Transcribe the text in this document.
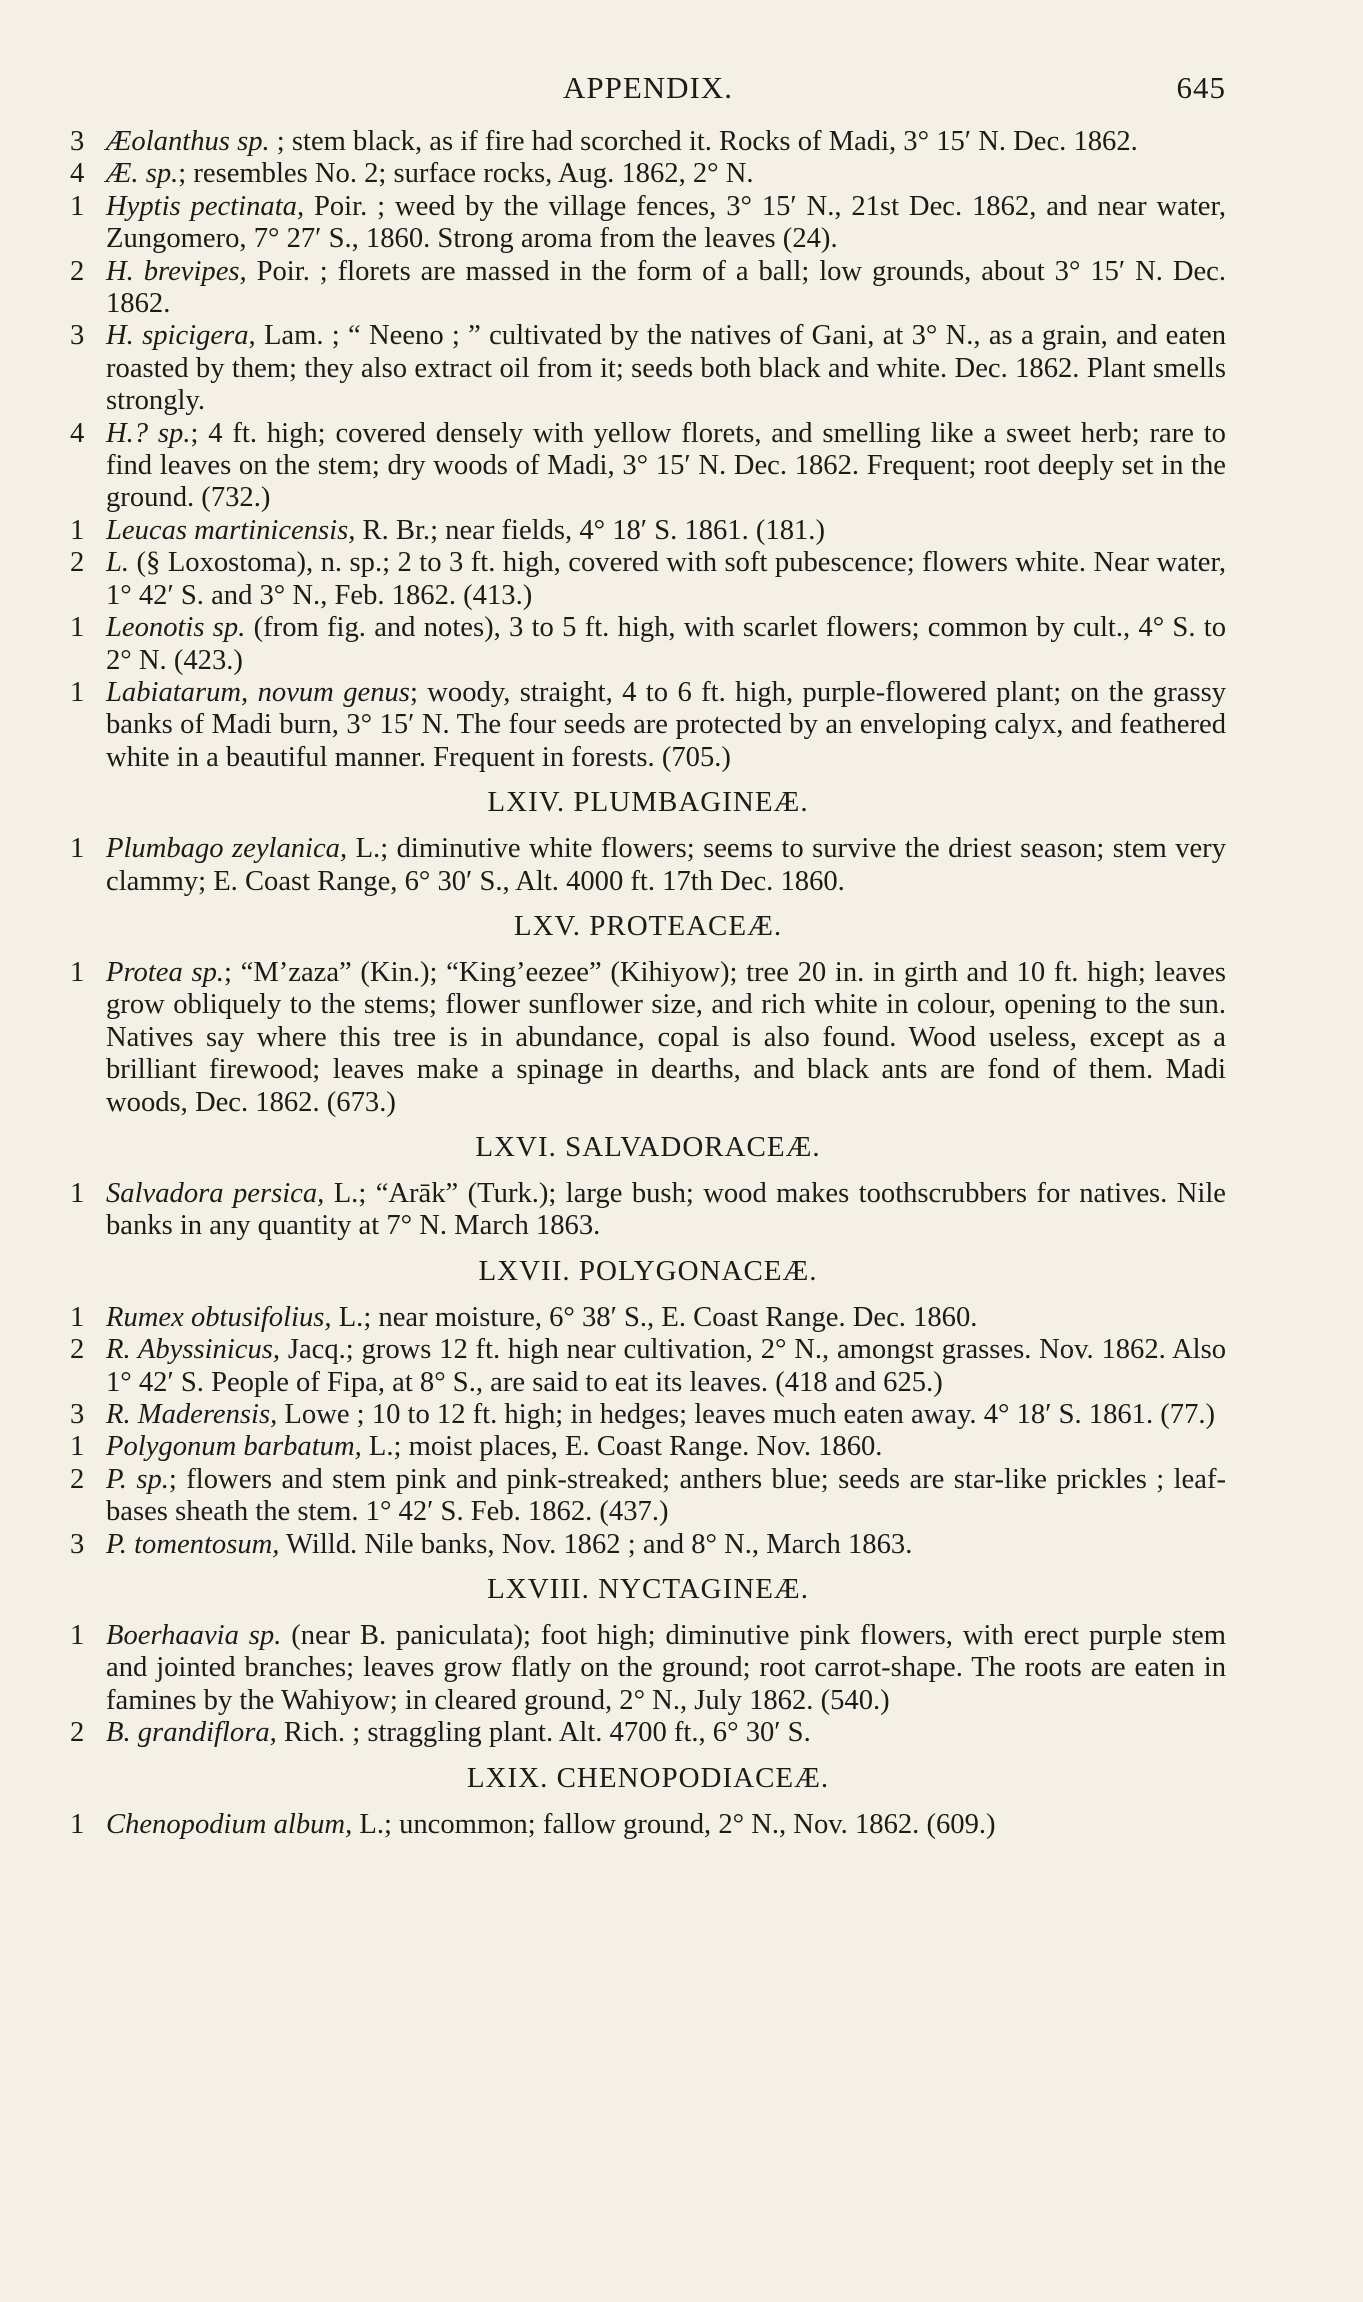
APPENDIX.	645
3 Æolanthus sp. ; stem black, as if fire had scorched it. Rocks of Madi, 3° 15′ N. Dec. 1862.
4 Æ. sp.; resembles No. 2; surface rocks, Aug. 1862, 2° N.
1 Hyptis pectinata, Poir. ; weed by the village fences, 3° 15′ N., 21st Dec. 1862, and near water, Zungomero, 7° 27′ S., 1860. Strong aroma from the leaves (24).
2 H. brevipes, Poir. ; florets are massed in the form of a ball; low grounds, about 3° 15′ N. Dec. 1862.
3 H. spicigera, Lam. ; “ Neeno ; ” cultivated by the natives of Gani, at 3° N., as a grain, and eaten roasted by them; they also extract oil from it; seeds both black and white. Dec. 1862. Plant smells strongly.
4 H.? sp.; 4 ft. high; covered densely with yellow florets, and smelling like a sweet herb; rare to find leaves on the stem; dry woods of Madi, 3° 15′ N. Dec. 1862. Frequent; root deeply set in the ground. (732.)
1 Leucas martinicensis, R. Br.; near fields, 4° 18′ S. 1861. (181.)
2 L. (§ Loxostoma), n. sp.; 2 to 3 ft. high, covered with soft pubescence; flowers white. Near water, 1° 42′ S. and 3° N., Feb. 1862. (413.)
1 Leonotis sp. (from fig. and notes), 3 to 5 ft. high, with scarlet flowers; common by cult., 4° S. to 2° N. (423.)
1 Labiatarum, novum genus; woody, straight, 4 to 6 ft. high, purple-flowered plant; on the grassy banks of Madi burn, 3° 15′ N. The four seeds are protected by an enveloping calyx, and feathered white in a beautiful manner. Frequent in forests. (705.)
LXIV. PLUMBAGINEÆ.
1 Plumbago zeylanica, L.; diminutive white flowers; seems to survive the driest season; stem very clammy; E. Coast Range, 6° 30′ S., Alt. 4000 ft. 17th Dec. 1860.
LXV. PROTEACEÆ.
1 Protea sp.; “M’zaza” (Kin.); “King’eezee” (Kihiyow); tree 20 in. in girth and 10 ft. high; leaves grow obliquely to the stems; flower sunflower size, and rich white in colour, opening to the sun. Natives say where this tree is in abundance, copal is also found. Wood useless, except as a brilliant firewood; leaves make a spinage in dearths, and black ants are fond of them. Madi woods, Dec. 1862. (673.)
LXVI. SALVADORACEÆ.
1 Salvadora persica, L.; “Arāk” (Turk.); large bush; wood makes toothscrubbers for natives. Nile banks in any quantity at 7° N. March 1863.
LXVII. POLYGONACEÆ.
1 Rumex obtusifolius, L.; near moisture, 6° 38′ S., E. Coast Range. Dec. 1860.
2 R. Abyssinicus, Jacq.; grows 12 ft. high near cultivation, 2° N., amongst grasses. Nov. 1862. Also 1° 42′ S. People of Fipa, at 8° S., are said to eat its leaves. (418 and 625.)
3 R. Maderensis, Lowe ; 10 to 12 ft. high; in hedges; leaves much eaten away. 4° 18′ S. 1861. (77.)
1 Polygonum barbatum, L.; moist places, E. Coast Range. Nov. 1860.
2 P. sp.; flowers and stem pink and pink-streaked; anthers blue; seeds are star-like prickles ; leaf-bases sheath the stem. 1° 42′ S. Feb. 1862. (437.)
3 P. tomentosum, Willd. Nile banks, Nov. 1862 ; and 8° N., March 1863.
LXVIII. NYCTAGINEÆ.
1 Boerhaavia sp. (near B. paniculata); foot high; diminutive pink flowers, with erect purple stem and jointed branches; leaves grow flatly on the ground; root carrot-shape. The roots are eaten in famines by the Wahiyow; in cleared ground, 2° N., July 1862. (540.)
2 B. grandiflora, Rich. ; straggling plant. Alt. 4700 ft., 6° 30′ S.
LXIX. CHENOPODIACEÆ.
1 Chenopodium album, L.; uncommon; fallow ground, 2° N., Nov. 1862. (609.)
